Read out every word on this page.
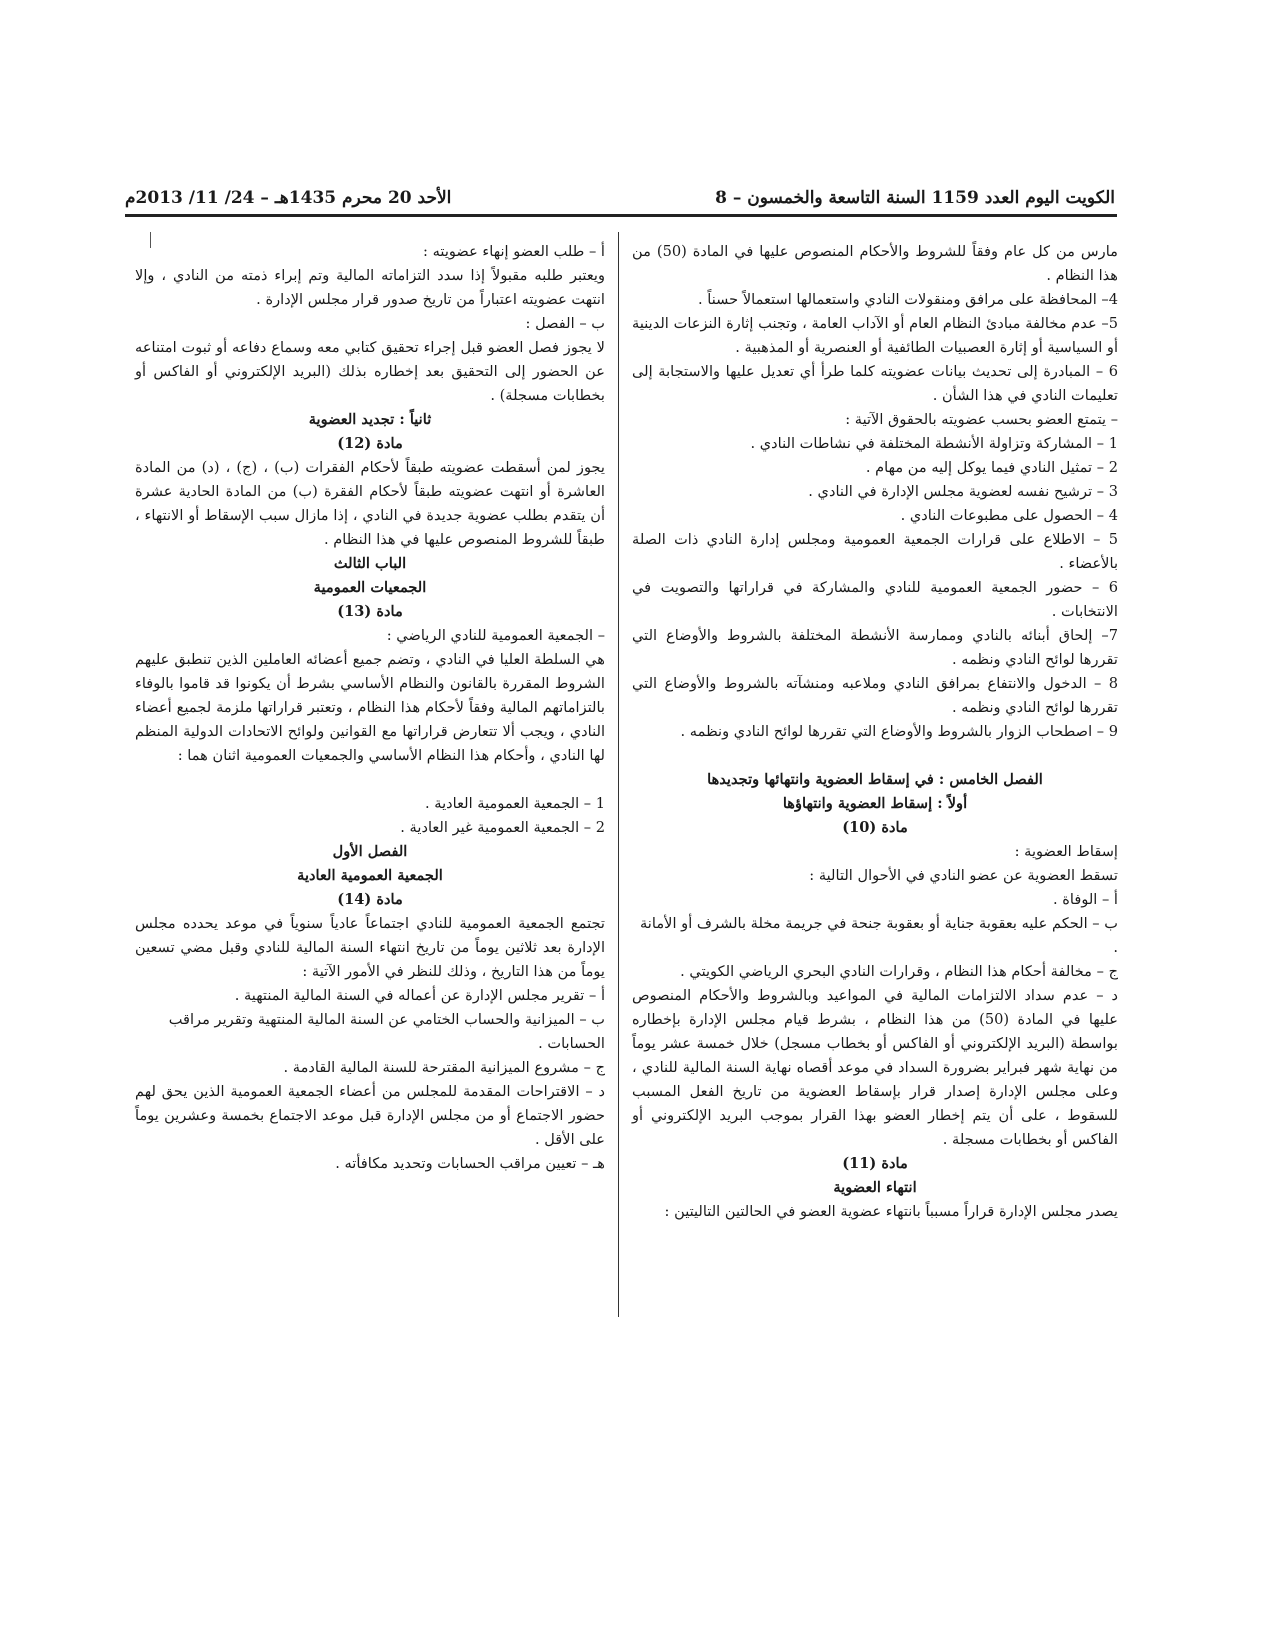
الكويت اليوم العدد 1159 السنة التاسعة والخمسون – 8
الأحد 20 محرم 1435هـ – 24/ 11/ 2013م

مارس من كل عام وفقاً للشروط والأحكام المنصوص عليها في المادة (50) من هذا النظام .

4– المحافظة على مرافق ومنقولات النادي واستعمالها استعمالاً حسناً .

5– عدم مخالفة مبادئ النظام العام أو الآداب العامة ، وتجنب إثارة النزعات الدينية أو السياسية أو إثارة العصبيات الطائفية أو العنصرية أو المذهبية .

6 – المبادرة إلى تحديث بيانات عضويته كلما طرأ أي تعديل عليها والاستجابة إلى تعليمات النادي في هذا الشأن .

– يتمتع العضو بحسب عضويته بالحقوق الآتية :

1 – المشاركة وتزاولة الأنشطة المختلفة في نشاطات النادي .

2 – تمثيل النادي فيما يوكل إليه من مهام .

3 – ترشيح نفسه لعضوية مجلس الإدارة في النادي .

4 – الحصول على مطبوعات النادي .

5 – الاطلاع على قرارات الجمعية العمومية ومجلس إدارة النادي ذات الصلة بالأعضاء .

6 – حضور الجمعية العمومية للنادي والمشاركة في قراراتها والتصويت في الانتخابات .

7– إلحاق أبنائه بالنادي وممارسة الأنشطة المختلفة بالشروط والأوضاع التي تقررها لوائح النادي ونظمه .

8 – الدخول والانتفاع بمرافق النادي وملاعبه ومنشآته بالشروط والأوضاع التي تقررها لوائح النادي ونظمه .

9 – اصطحاب الزوار بالشروط والأوضاع التي تقررها لوائح النادي ونظمه .

الفصل الخامس : في إسقاط العضوية وانتهائها وتجديدها

أولاً : إسقاط العضوية وانتهاؤها

مادة (10)

إسقاط العضوية :

تسقط العضوية عن عضو النادي في الأحوال التالية :

أ – الوفاة .

ب – الحكم عليه بعقوبة جناية أو بعقوبة جنحة في جريمة مخلة بالشرف أو الأمانة .

ج – مخالفة أحكام هذا النظام ، وقرارات النادي البحري الرياضي الكويتي .

د – عدم سداد الالتزامات المالية في المواعيد وبالشروط والأحكام المنصوص عليها في المادة (50) من هذا النظام ، بشرط قيام مجلس الإدارة بإخطاره بواسطة (البريد الإلكتروني أو الفاكس أو بخطاب مسجل) خلال خمسة عشر يوماً من نهاية شهر فبراير بضرورة السداد في موعد أقصاه نهاية السنة المالية للنادي ، وعلى مجلس الإدارة إصدار قرار بإسقاط العضوية من تاريخ الفعل المسبب للسقوط ، على أن يتم إخطار العضو بهذا القرار بموجب البريد الإلكتروني أو الفاكس أو بخطابات مسجلة .

مادة (11)

انتهاء العضوية

يصدر مجلس الإدارة قراراً مسبباً بانتهاء عضوية العضو في الحالتين التاليتين :

أ – طلب العضو إنهاء عضويته :

ويعتبر طلبه مقبولاً إذا سدد التزاماته المالية وتم إبراء ذمته من النادي ، وإلا انتهت عضويته اعتباراً من تاريخ صدور قرار مجلس الإدارة .

ب – الفصل :

لا يجوز فصل العضو قبل إجراء تحقيق كتابي معه وسماع دفاعه أو ثبوت امتناعه عن الحضور إلى التحقيق بعد إخطاره بذلك (البريد الإلكتروني أو الفاكس أو بخطابات مسجلة) .

ثانياً : تجديد العضوية

مادة (12)

يجوز لمن أسقطت عضويته طبقاً لأحكام الفقرات (ب) ، (ج) ، (د) من المادة العاشرة أو انتهت عضويته طبقاً لأحكام الفقرة (ب) من المادة الحادية عشرة أن يتقدم بطلب عضوية جديدة في النادي ، إذا مازال سبب الإسقاط أو الانتهاء ، طبقاً للشروط المنصوص عليها في هذا النظام .

الباب الثالث

الجمعيات العمومية

مادة (13)

– الجمعية العمومية للنادي الرياضي :

هي السلطة العليا في النادي ، وتضم جميع أعضائه العاملين الذين تنطبق عليهم الشروط المقررة بالقانون والنظام الأساسي بشرط أن يكونوا قد قاموا بالوفاء بالتزاماتهم المالية وفقاً لأحكام هذا النظام ، وتعتبر قراراتها ملزمة لجميع أعضاء النادي ، ويجب ألا تتعارض قراراتها مع القوانين ولوائح الاتحادات الدولية المنظم لها النادي ، وأحكام هذا النظام الأساسي والجمعيات العمومية اثنان هما :

1 – الجمعية العمومية العادية .

2 – الجمعية العمومية غير العادية .

الفصل الأول

الجمعية العمومية العادية

مادة (14)

تجتمع الجمعية العمومية للنادي اجتماعاً عادياً سنوياً في موعد يحدده مجلس الإدارة بعد ثلاثين يوماً من تاريخ انتهاء السنة المالية للنادي وقبل مضي تسعين يوماً من هذا التاريخ ، وذلك للنظر في الأمور الآتية :

أ – تقرير مجلس الإدارة عن أعماله في السنة المالية المنتهية .

ب – الميزانية والحساب الختامي عن السنة المالية المنتهية وتقرير مراقب الحسابات .

ج – مشروع الميزانية المقترحة للسنة المالية القادمة .

د – الاقتراحات المقدمة للمجلس من أعضاء الجمعية العمومية الذين يحق لهم حضور الاجتماع أو من مجلس الإدارة قبل موعد الاجتماع بخمسة وعشرين يوماً على الأقل .

هـ – تعيين مراقب الحسابات وتحديد مكافأته .
